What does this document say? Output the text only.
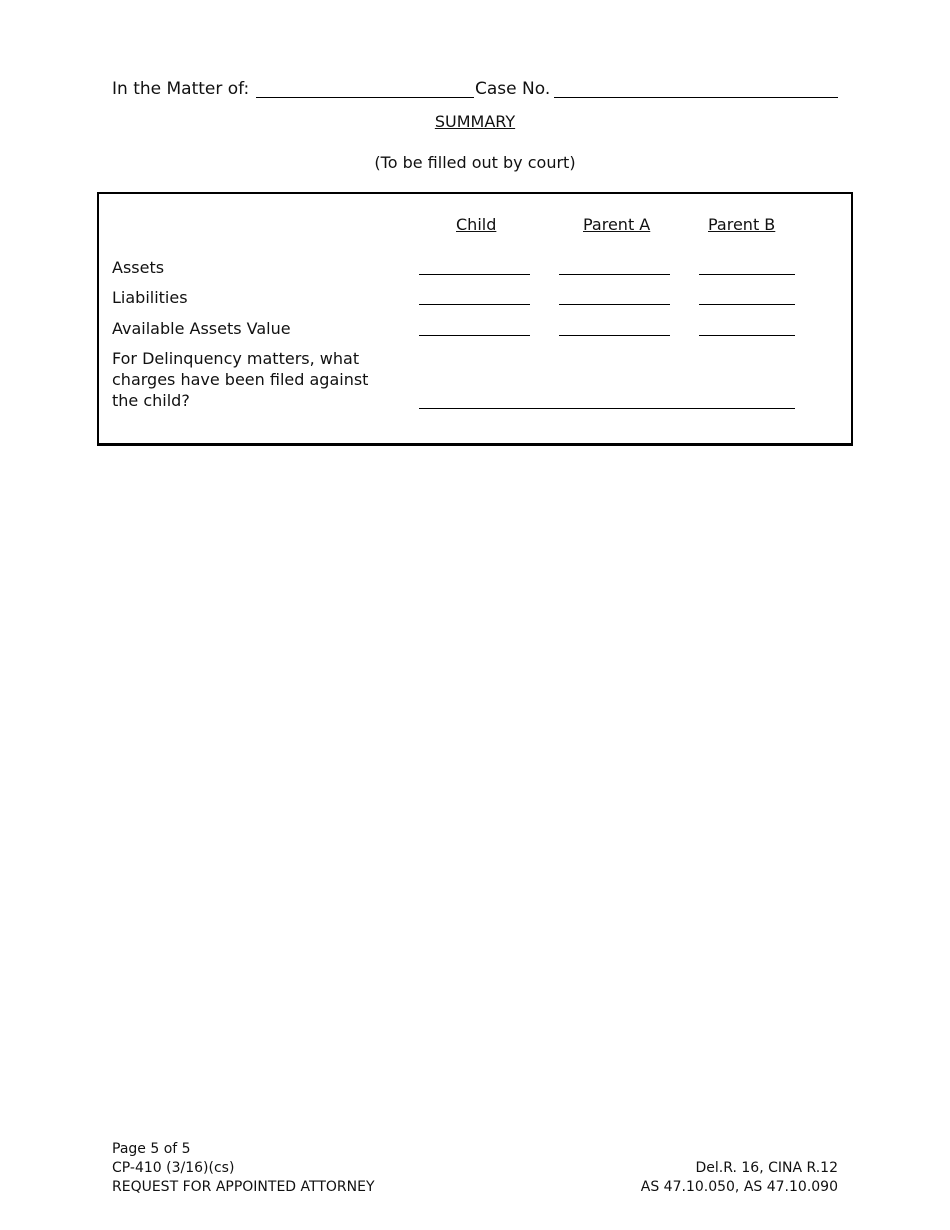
In the Matter of:	Case No.
SUMMARY
(To be filled out by court)
Child	Parent A	Parent B
Assets
Liabilities
Available Assets Value
For Delinquency matters, what charges have been filed against the child?
Page 5 of 5
CP-410 (3/16)(cs)
REQUEST FOR APPOINTED ATTORNEY
Del.R. 16, CINA R.12
AS 47.10.050, AS 47.10.090
